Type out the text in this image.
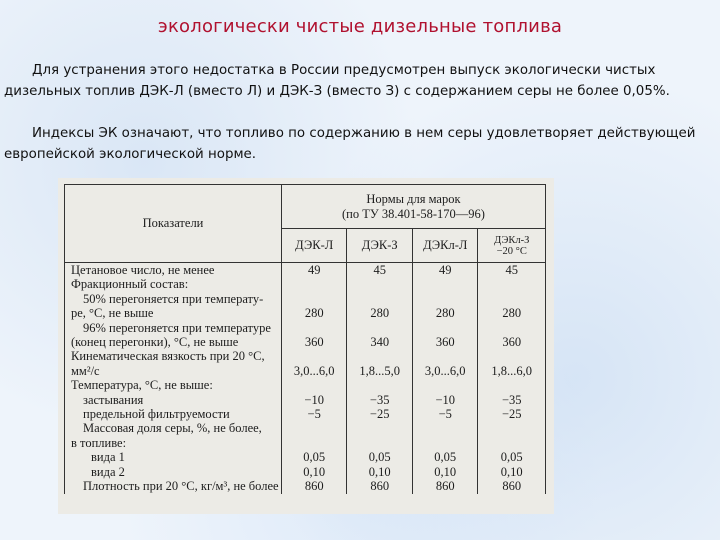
экологически чистые дизельные топлива
Для устранения этого недостатка в России предусмотрен выпуск экологически чистых дизельных топлив ДЭК-Л (вместо Л) и ДЭК-З (вместо З) с содержанием серы не более 0,05%.
Индексы ЭК означают, что топливо по содержанию в нем серы удовлетворяет действующей европейской экологической норме.
Показатели	Нормы для марок
(по ТУ 38.401-58-170—96)			

	ДЭК-Л	ДЭК-З	ДЭКл-Л	ДЭКл-З
−20 °С

Цетановое число, не менее	49	45	49	45
Фракционный состав:				
50% перегоняется при температу-				
ре, °С, не выше	280	280	280	280
96% перегоняется при температуре				
(конец перегонки), °С, не выше	360	340	360	360
Кинематическая вязкость при 20 °С,				
мм²/с	3,0...6,0	1,8...5,0	3,0...6,0	1,8...6,0
Температура, °С, не выше:				
застывания	−10	−35	−10	−35
предельной фильтруемости	−5	−25	−5	−25
Массовая доля серы, %, не более,				
в топливе:				
вида 1	0,05	0,05	0,05	0,05
вида 2	0,10	0,10	0,10	0,10
Плотность при 20 °С, кг/м³, не более	860	860	860	860
